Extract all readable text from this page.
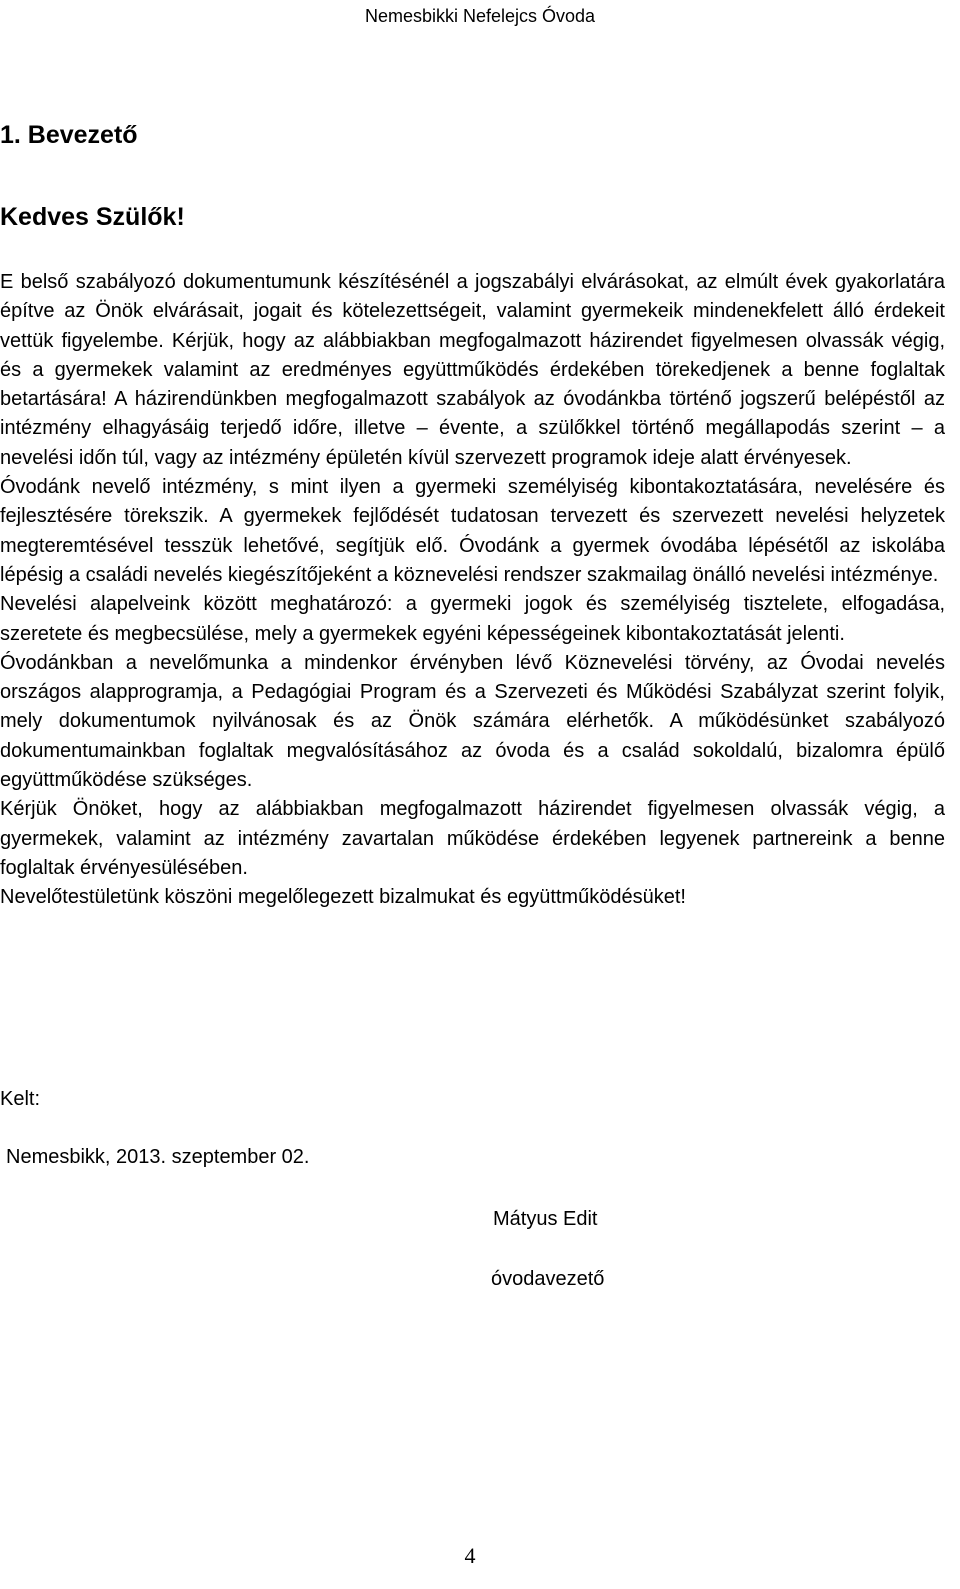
Nemesbikki Nefelejcs Óvoda
1. Bevezető
Kedves Szülők!

E belső szabályozó dokumentumunk készítésénél a jogszabályi elvárásokat, az elmúlt évek gyakorlatára építve az Önök elvárásait, jogait és kötelezettségeit, valamint gyermekeik mindenekfelett álló érdekeit vettük figyelembe. Kérjük, hogy az alábbiakban megfogalmazott házirendet figyelmesen olvassák végig, és a gyermekek valamint az eredményes együttműködés érdekében törekedjenek a benne foglaltak betartására! A házirendünkben megfogalmazott szabályok az óvodánkba történő jogszerű belépéstől az intézmény elhagyásáig terjedő időre, illetve – évente, a szülőkkel történő megállapodás szerint – a nevelési időn túl, vagy az intézmény épületén kívül szervezett programok ideje alatt érvényesek.

Óvodánk nevelő intézmény, s mint ilyen a gyermeki személyiség kibontakoztatására, nevelésére és fejlesztésére törekszik. A gyermekek fejlődését tudatosan tervezett és szervezett nevelési helyzetek megteremtésével tesszük lehetővé, segítjük elő. Óvodánk a gyermek óvodába lépésétől az iskolába lépésig a családi nevelés kiegészítőjeként a köznevelési rendszer szakmailag önálló nevelési intézménye.

Nevelési alapelveink között meghatározó: a gyermeki jogok és személyiség tisztelete, elfogadása, szeretete és megbecsülése, mely a gyermekek egyéni képességeinek kibontakoztatását jelenti.

Óvodánkban a nevelőmunka a mindenkor érvényben lévő Köznevelési törvény, az Óvodai nevelés országos alapprogramja, a Pedagógiai Program és a Szervezeti és Működési Szabályzat szerint folyik, mely dokumentumok nyilvánosak és az Önök számára elérhetők. A működésünket szabályozó dokumentumainkban foglaltak megvalósításához az óvoda és a család sokoldalú, bizalomra épülő együttműködése szükséges.

Kérjük Önöket, hogy az alábbiakban megfogalmazott házirendet figyelmesen olvassák végig, a gyermekek, valamint az intézmény zavartalan működése érdekében legyenek partnereink a benne foglaltak érvényesülésében.

Nevelőtestületünk köszöni megelőlegezett bizalmukat és együttműködésüket!

Kelt:
Nemesbikk, 2013. szeptember 02.
Mátyus Edit
óvodavezető
4
